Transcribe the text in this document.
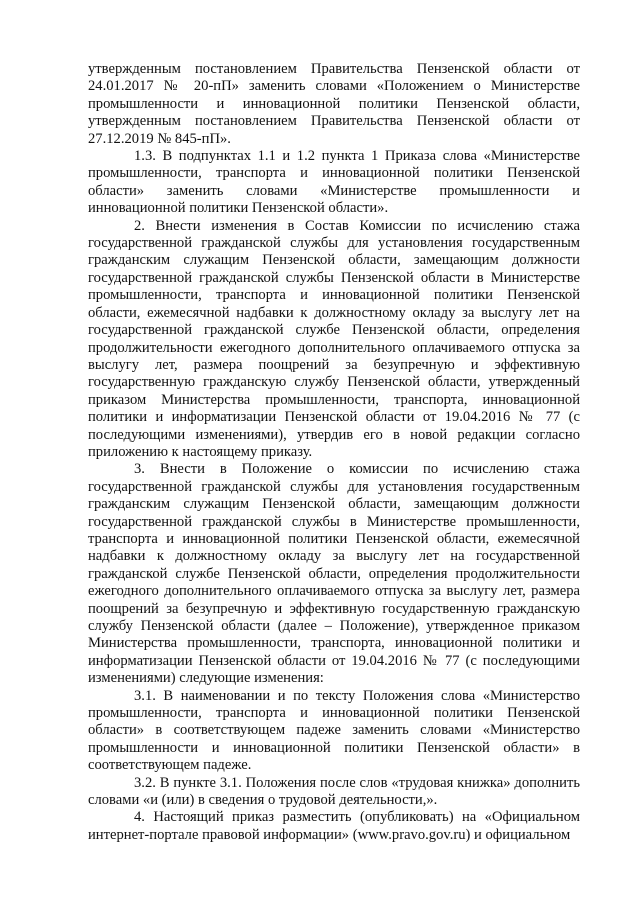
утвержденным постановлением Правительства Пензенской области от 24.01.2017 № 20-пП» заменить словами «Положением о Министерстве промышленности и инновационной политики Пензенской области, утвержденным постановлением Правительства Пензенской области от 27.12.2019 № 845-пП».

1.3. В подпунктах 1.1 и 1.2 пункта 1 Приказа слова «Министерстве промышленности, транспорта и инновационной политики Пензенской области» заменить словами «Министерстве промышленности и инновационной политики Пензенской области».

2. Внести изменения в Состав Комиссии по исчислению стажа государственной гражданской службы для установления государственным гражданским служащим Пензенской области, замещающим должности государственной гражданской службы Пензенской области в Министерстве промышленности, транспорта и инновационной политики Пензенской области, ежемесячной надбавки к должностному окладу за выслугу лет на государственной гражданской службе Пензенской области, определения продолжительности ежегодного дополнительного оплачиваемого отпуска за выслугу лет, размера поощрений за безупречную и эффективную государственную гражданскую службу Пензенской области, утвержденный приказом Министерства промышленности, транспорта, инновационной политики и информатизации Пензенской области от 19.04.2016 № 77 (с последующими изменениями), утвердив его в новой редакции согласно приложению к настоящему приказу.

3. Внести в Положение о комиссии по исчислению стажа государственной гражданской службы для установления государственным гражданским служащим Пензенской области, замещающим должности государственной гражданской службы в Министерстве промышленности, транспорта и инновационной политики Пензенской области, ежемесячной надбавки к должностному окладу за выслугу лет на государственной гражданской службе Пензенской области, определения продолжительности ежегодного дополнительного оплачиваемого отпуска за выслугу лет, размера поощрений за безупречную и эффективную государственную гражданскую службу Пензенской области (далее – Положение), утвержденное приказом Министерства промышленности, транспорта, инновационной политики и информатизации Пензенской области от 19.04.2016 № 77 (с последующими изменениями) следующие изменения:

3.1. В наименовании и по тексту Положения слова «Министерство промышленности, транспорта и инновационной политики Пензенской области» в соответствующем падеже заменить словами «Министерство промышленности и инновационной политики Пензенской области» в соответствующем падеже.

3.2. В пункте 3.1. Положения после слов «трудовая книжка» дополнить словами «и (или) в сведения о трудовой деятельности,».

4. Настоящий приказ разместить (опубликовать) на «Официальном интернет-портале правовой информации» (www.pravo.gov.ru) и официальном
